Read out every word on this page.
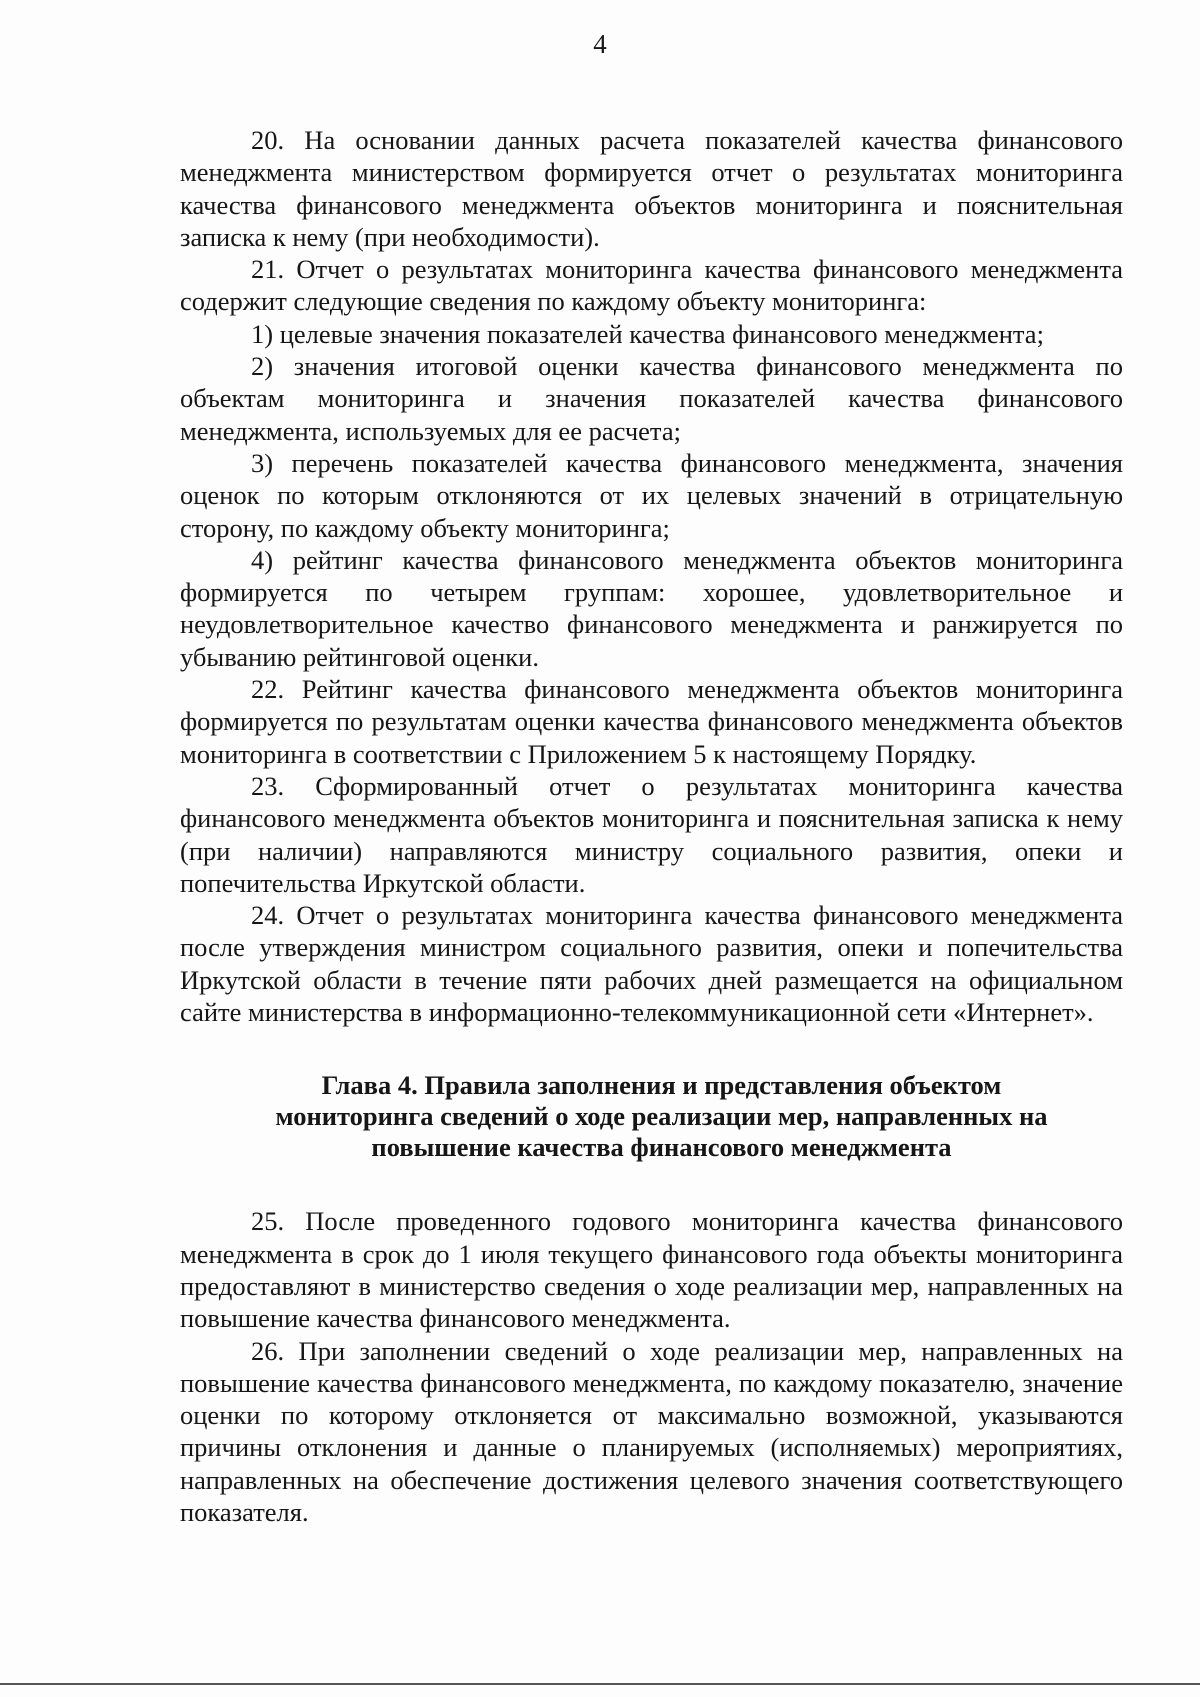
4

20. На основании данных расчета показателей качества финансового менеджмента министерством формируется отчет о результатах мониторинга качества финансового менеджмента объектов мониторинга и пояснительная записка к нему (при необходимости).

21. Отчет о результатах мониторинга качества финансового менеджмента содержит следующие сведения по каждому объекту мониторинга:

1) целевые значения показателей качества финансового менеджмента;

2) значения итоговой оценки качества финансового менеджмента по объектам мониторинга и значения показателей качества финансового менеджмента, используемых для ее расчета;

3) перечень показателей качества финансового менеджмента, значения оценок по которым отклоняются от их целевых значений в отрицательную сторону, по каждому объекту мониторинга;

4) рейтинг качества финансового менеджмента объектов мониторинга формируется по четырем группам: хорошее, удовлетворительное и неудовлетворительное качество финансового менеджмента и ранжируется по убыванию рейтинговой оценки.

22. Рейтинг качества финансового менеджмента объектов мониторинга формируется по результатам оценки качества финансового менеджмента объектов мониторинга в соответствии с Приложением 5 к настоящему Порядку.

23. Сформированный отчет о результатах мониторинга качества финансового менеджмента объектов мониторинга и пояснительная записка к нему (при наличии) направляются министру социального развития, опеки и попечительства Иркутской области.

24. Отчет о результатах мониторинга качества финансового менеджмента после утверждения министром социального развития, опеки и попечительства Иркутской области в течение пяти рабочих дней размещается на официальном сайте министерства в информационно-телекоммуникационной сети «Интернет».

Глава 4. Правила заполнения и представления объектом мониторинга сведений о ходе реализации мер, направленных на повышение качества финансового менеджмента

25. После проведенного годового мониторинга качества финансового менеджмента в срок до 1 июля текущего финансового года объекты мониторинга предоставляют в министерство сведения о ходе реализации мер, направленных на повышение качества финансового менеджмента.

26. При заполнении сведений о ходе реализации мер, направленных на повышение качества финансового менеджмента, по каждому показателю, значение оценки по которому отклоняется от максимально возможной, указываются причины отклонения и данные о планируемых (исполняемых) мероприятиях, направленных на обеспечение достижения целевого значения соответствующего показателя.
